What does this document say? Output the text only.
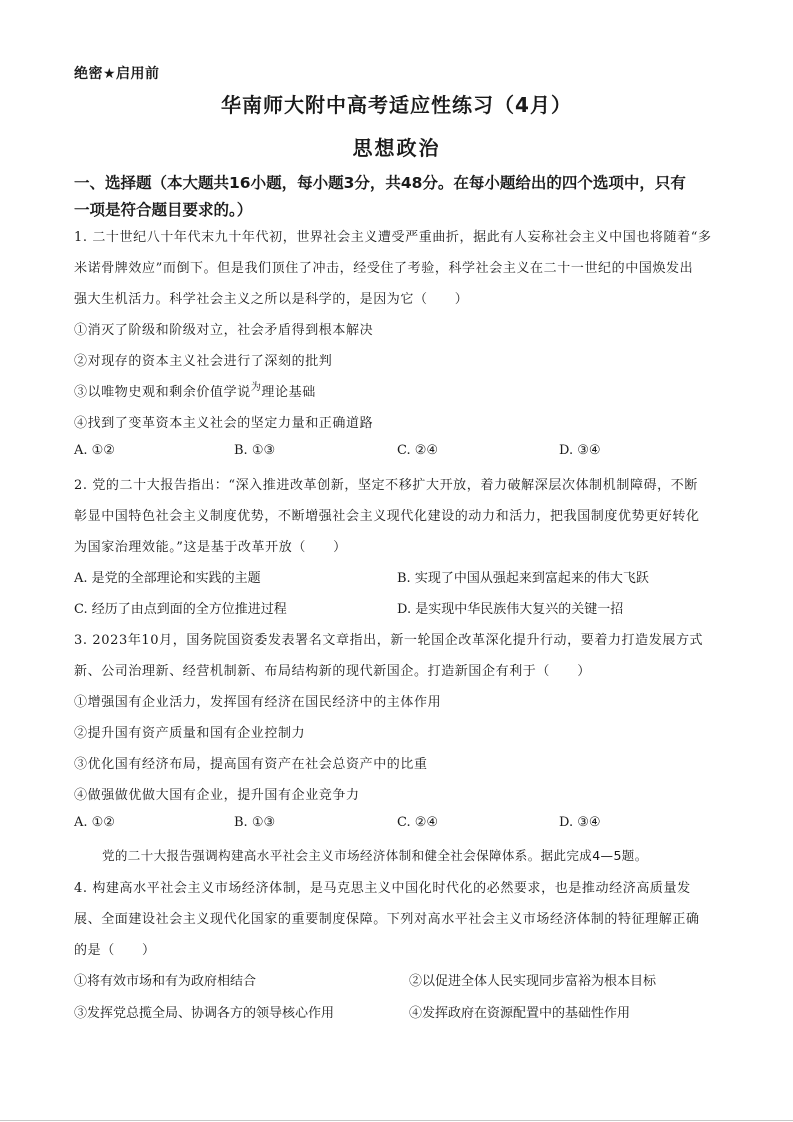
绝密★启用前
华南师大附中高考适应性练习（4月）
思想政治
一、选择题（本大题共16小题，每小题3分，共48分。在每小题给出的四个选项中，只有
一项是符合题目要求的。）
1. 二十世纪八十年代末九十年代初，世界社会主义遭受严重曲折，据此有人妄称社会主义中国也将随着“多
米诺骨牌效应”而倒下。但是我们顶住了冲击，经受住了考验，科学社会主义在二十一世纪的中国焕发出
强大生机活力。科学社会主义之所以是科学的，是因为它（　　）
①消灭了阶级和阶级对立，社会矛盾得到根本解决
②对现存的资本主义社会进行了深刻的批判
③以唯物史观和剩余价值学说$^为$理论基础
④找到了变革资本主义社会的坚定力量和正确道路
A. ①②	B. ①③	C. ②④	D. ③④
2. 党的二十大报告指出：“深入推进改革创新，坚定不移扩大开放，着力破解深层次体制机制障碍，不断
彰显中国特色社会主义制度优势，不断增强社会主义现代化建设的动力和活力，把我国制度优势更好转化
为国家治理效能。”这是基于改革开放（　　）
A. 是党的全部理论和实践的主题	B. 实现了中国从强起来到富起来的伟大飞跃
C. 经历了由点到面的全方位推进过程	D. 是实现中华民族伟大复兴的关键一招
3. 2023年10月，国务院国资委发表署名文章指出，新一轮国企改革深化提升行动，要着力打造发展方式
新、公司治理新、经营机制新、布局结构新的现代新国企。打造新国企有利于（　　）
①增强国有企业活力，发挥国有经济在国民经济中的主体作用
②提升国有资产质量和国有企业控制力
③优化国有经济布局，提高国有资产在社会总资产中的比重
④做强做优做大国有企业，提升国有企业竞争力
A. ①②	B. ①③	C. ②④	D. ③④
党的二十大报告强调构建高水平社会主义市场经济体制和健全社会保障体系。据此完成4—5题。
4. 构建高水平社会主义市场经济体制，是马克思主义中国化时代化的必然要求，也是推动经济高质量发
展、全面建设社会主义现代化国家的重要制度保障。下列对高水平社会主义市场经济体制的特征理解正确
的是（　　）
①将有效市场和有为政府相结合	②以促进全体人民实现同步富裕为根本目标
③发挥党总揽全局、协调各方的领导核心作用	④发挥政府在资源配置中的基础性作用
